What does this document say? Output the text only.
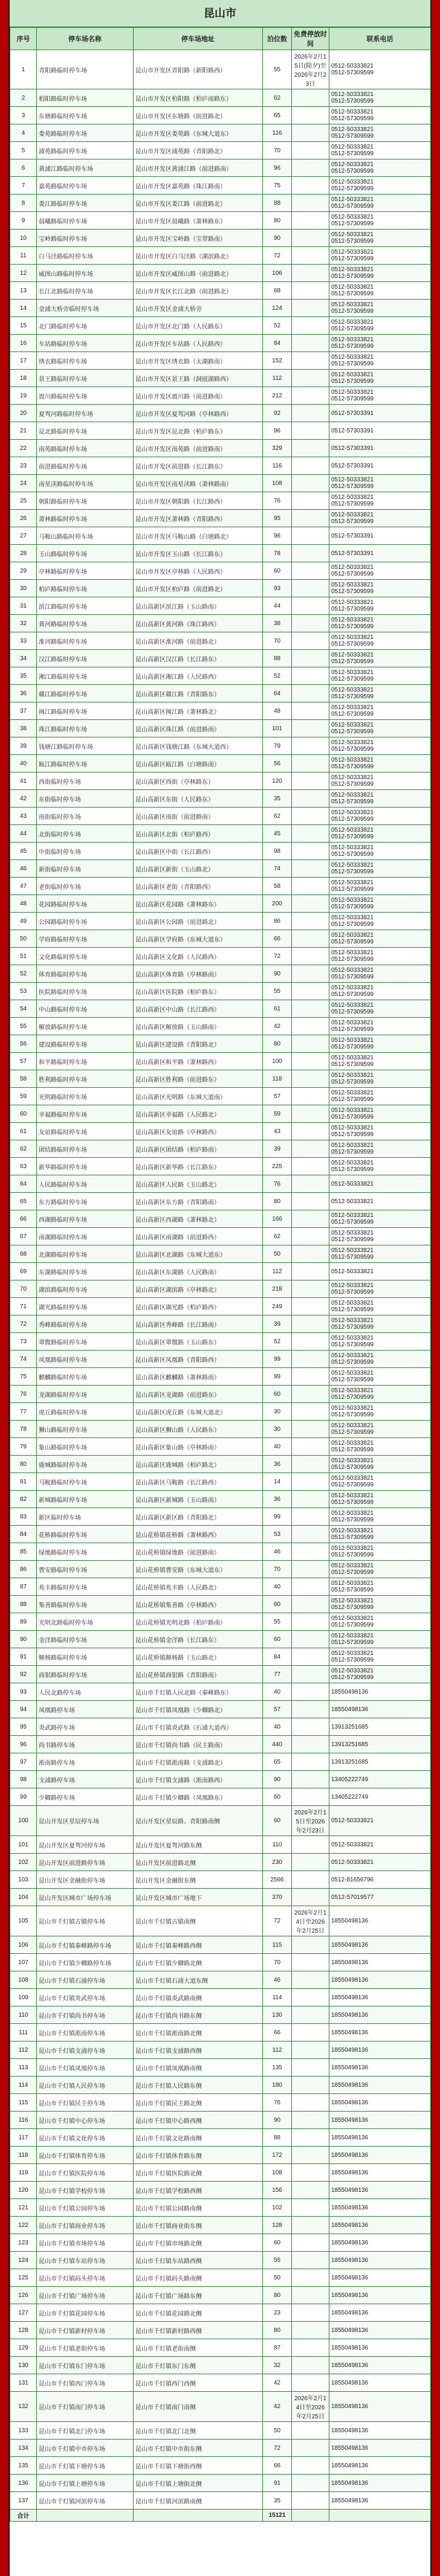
昆山市
序号	停车场名称	停车场地址	泊位数	免费停放时间	联系电话
1	青阳路临时停车场	昆山市开发区青阳路（新阳路西）	55	2026年2月15日(除夕)至2026年2月23日	0512-50333821
0512-57309599
2	柏阳路临时停车场	昆山市开发区柏阳路（柏庐南路东）	62		0512-50333821
0512-57309599
3	东塘路临时停车场	昆山市开发区东塘路（前进路北）	65		0512-50333821
0512-57309599
4	娄苑路临时停车场	昆山市开发区娄苑路（东城大道东）	116		0512-50333821
0512-57309599
5	浦苑路临时停车场	昆山市开发区浦苑路（青阳路北）	70		0512-50333821
0512-57309599
6	黄浦江路临时停车场	昆山市开发区黄浦江路（前进路南）	96		0512-50333821
0512-57309599
7	嘉苑路临时停车场	昆山市开发区嘉苑路（珠江路南）	75		0512-50333821
0512-57309599
8	娄江路临时停车场	昆山市开发区娄江路（前进路北）	88		0512-50333821
0512-57309599
9	晨曦路临时停车场	昆山市开发区晨曦路（萧林路东）	80		0512-50333821
0512-57309599
10	宝岭路临时停车场	昆山市开发区宝岭路（宝带路南）	90		0512-50333821
0512-57309599
11	白马泾路临时停车场	昆山市开发区白马泾路（湖滨路北）	72		0512-50333821
0512-57309599
12	威图山路临时停车场	昆山市开发区威图山路（前进路北）	106		0512-50333821
0512-57309599
13	长江北路临时停车场	昆山市开发区长江北路（前进路北）	68		0512-50333821
0512-57309599
14	金浦大桥旁临时停车场	昆山市开发区金浦大桥旁	124		0512-50333821
0512-57309599
15	北门路临时停车场	昆山市开发区北门路（人民路东）	52		0512-50333821
0512-57309599
16	车站路临时停车场	昆山市开发区车站路（人民路西）	84		0512-50333821
0512-57309599
17	绣衣路临时停车场	昆山市开发区绣衣路（太湖路南）	152		0512-50333821
0512-57309599
18	景王路临时停车场	昆山市开发区景王路（洞庭湖路西）	112		0512-50333821
0512-57309599
19	震川路临时停车场	昆山市开发区震川路（前进路南）	212		0512-50333821
0512-57309599
20	夏驾河路临时停车场	昆山市开发区夏驾河路（亭林路西）	92		0512-57303391
21	昆北路临时停车场	昆山市开发区昆北路（柏庐路东）	96		0512-57303391
22	南苑路临时停车场	昆山市开发区南苑路（前进路南）	329		0512-57303391
23	前进路临时停车场	昆山市开发区前进路（长江路东）	116		0512-57303391
24	南星渎路临时停车场	昆山市开发区南星渎路（萧林路南）	108		0512-50333821
0512-57309599
25	朝阳路临时停车场	昆山市开发区朝阳路（长江路西）	76		0512-50333821
0512-57309599
26	萧林路临时停车场	昆山市开发区萧林路（青阳路西）	95		0512-50333821
0512-57309599
27	马鞍山路临时停车场	昆山市开发区马鞍山路（白塘路北）	96		0512-57303391
28	玉山路临时停车场	昆山市开发区玉山路（长江路东）	78		0512-57303391
29	亭林路临时停车场	昆山市开发区亭林路（人民路西）	60		0512-50333821
0512-57309599
30	柏庐路临时停车场	昆山市开发区柏庐路（前进路北）	93		0512-50333821
0512-57309599
31	滨江路临时停车场	昆山高新区滨江路（玉山路南）	44		0512-50333821
0512-57309599
32	黄河路临时停车场	昆山高新区黄河路（珠江路西）	38		0512-50333821
0512-57309599
33	淮河路临时停车场	昆山高新区淮河路（前进路北）	70		0512-50333821
0512-57309599
34	汉江路临时停车场	昆山高新区汉江路（长江路东）	88		0512-50333821
0512-57309599
35	湘江路临时停车场	昆山高新区湘江路（人民路西）	52		0512-50333821
0512-57309599
36	赣江路临时停车场	昆山高新区赣江路（青阳路东）	64		0512-50333821
0512-57309599
37	闽江路临时停车场	昆山高新区闽江路（萧林路北）	48		0512-50333821
0512-57309599
38	珠江路临时停车场	昆山高新区珠江路（前进路南）	101		0512-50333821
0512-57309599
39	钱塘江路临时停车场	昆山高新区钱塘江路（东城大道西）	79		0512-50333821
0512-57309599
40	瓯江路临时停车场	昆山高新区瓯江路（白塘路南）	56		0512-50333821
0512-57309599
41	西街临时停车场	昆山高新区西街（亭林路东）	120		0512-50333821
0512-57309599
42	东街临时停车场	昆山高新区东街（人民路东）	35		0512-50333821
0512-57309599
43	南街临时停车场	昆山高新区南街（前进路南）	62		0512-50333821
0512-57309599
44	北街临时停车场	昆山高新区北街（柏庐路西）	45		0512-50333821
0512-57309599
45	中街临时停车场	昆山高新区中街（长江路西）	98		0512-50333821
0512-57309599
46	新街临时停车场	昆山高新区新街（玉山路北）	74		0512-50333821
0512-57309599
47	老街临时停车场	昆山高新区老街（青阳路西）	58		0512-50333821
0512-57309599
48	花园路临时停车场	昆山高新区花园路（萧林路东）	200		0512-50333821
0512-57309599
49	公园路临时停车场	昆山高新区公园路（前进路北）	86		0512-50333821
0512-57309599
50	学府路临时停车场	昆山高新区学府路（东城大道东）	66		0512-50333821
0512-57309599
51	文化路临时停车场	昆山高新区文化路（人民路西）	72		0512-50333821
0512-57309599
52	体育路临时停车场	昆山高新区体育路（亭林路南）	90		0512-50333821
0512-57309599
53	医院路临时停车场	昆山高新区医院路（柏庐路东）	55		0512-50333821
0512-57309599
54	中山路临时停车场	昆山高新区中山路（长江路西）	61		0512-50333821
0512-57309599
55	解放路临时停车场	昆山高新区解放路（玉山路南）	42		0512-50333821
0512-57309599
56	建设路临时停车场	昆山高新区建设路（青阳路北）	80		0512-50333821
0512-57309599
57	和平路临时停车场	昆山高新区和平路（萧林路西）	100		0512-50333821
0512-57309599
58	胜利路临时停车场	昆山高新区胜利路（前进路东）	118		0512-50333821
0512-57309599
59	光明路临时停车场	昆山高新区光明路（东城大道南）	57		0512-50333821
0512-57309599
60	幸福路临时停车场	昆山高新区幸福路（人民路北）	59		0512-50333821
0512-57309599
61	友谊路临时停车场	昆山高新区友谊路（亭林路西）	43		0512-50333821
0512-57309599
62	团结路临时停车场	昆山高新区团结路（柏庐路南）	39		0512-50333821
0512-57309599
63	新华路临时停车场	昆山高新区新华路（长江路东）	225		0512-50333821
0512-57309599
64	人民路临时停车场	昆山高新区人民路（玉山路北）	76		0512-50333821
65	东方路临时停车场	昆山高新区东方路（青阳路南）	80		0512-50333821
66	西湖路临时停车场	昆山高新区西湖路（萧林路北）	166		0512-50333821
0512-57309599
67	南湖路临时停车场	昆山高新区南湖路（前进路西）	62		0512-50333821
0512-57309599
68	北湖路临时停车场	昆山高新区北湖路（东城大道东）	50		0512-50333821
0512-57309599
69	东湖路临时停车场	昆山高新区东湖路（人民路南）	112		0512-50333821
70	湖滨路临时停车场	昆山高新区湖滨路（亭林路北）	218		0512-50333821
0512-57309599
71	湖光路临时停车场	昆山高新区湖光路（柏庐路西）	249		0512-50333821
0512-57309599
72	秀峰路临时停车场	昆山高新区秀峰路（长江路南）	39		0512-50333821
0512-57309599
73	翠微路临时停车场	昆山高新区翠微路（玉山路东）	52		0512-50333821
0512-57309599
74	凤凰路临时停车场	昆山高新区凤凰路（青阳路西）	99		0512-50333821
0512-57309599
75	麒麟路临时停车场	昆山高新区麒麟路（萧林路南）	99		0512-50333821
0512-57309599
76	龙湖路临时停车场	昆山高新区龙湖路（前进路东）	60		0512-50333821
0512-57309599
77	虎丘路临时停车场	昆山高新区虎丘路（东城大道北）	30		0512-50333821
0512-57309599
78	狮山路临时停车场	昆山高新区狮山路（人民路东）	30		0512-50333821
0512-57309599
79	象山路临时停车场	昆山高新区象山路（亭林路南）	40		0512-50333821
0512-57309599
80	鹿城路临时停车场	昆山高新区鹿城路（柏庐路北）	36		0512-50333821
0512-57309599
81	马鞍路临时停车场	昆山高新区马鞍路（长江路西）	14		0512-50333821
0512-57309599
82	新城路临时停车场	昆山高新区新城路（玉山路南）	36		0512-50333821
0512-57309599
83	新区临时停车场	昆山高新区新区路（青阳路北）	99		0512-50333821
0512-57309599
84	花桥路临时停车场	昆山花桥镇花桥路（萧林路西）	53		0512-50333821
0512-57309599
85	绿地路临时停车场	昆山花桥镇绿地路（前进路南）	46		0512-50333821
0512-57309599
86	曹安路临时停车场	昆山花桥镇曹安路（东城大道东）	70		0512-50333821
0512-57309599
87	兆丰路临时停车场	昆山花桥镇兆丰路（人民路北）	40		0512-50333821
0512-57309599
88	集善路临时停车场	昆山花桥镇集善路（亭林路西）	60		0512-50333821
0512-57309599
89	光明北路临时停车场	昆山花桥镇光明北路（柏庐路南）	55		0512-50333821
0512-57309599
90	金洋路临时停车场	昆山花桥镇金洋路（长江路东）	60		0512-50333821
0512-57309599
91	顺杨路临时停车场	昆山花桥镇顺杨路（玉山路北）	84		0512-50333821
0512-57309599
92	商银路临时停车场	昆山花桥镇商银路（青阳路南）	77		0512-50333821
0512-57309599
93	人民北路停车场	昆山市千灯镇人民北路（秦峰路东）	40		18550498136
94	凤凰路停车场	昆山市千灯镇凤凰路（少卿路北）	57		18550498136
95	炎武路停车场	昆山市千灯镇炎武路（石浦大道西）	40		13913251685
96	尚书路停车场	昆山市千灯镇尚书路（民主路南）	440		13913251685
97	淞南路停车场	昆山市千灯镇淞南路（支浦路北）	65		13913251685
98	支浦路停车场	昆山市千灯镇支浦路（淞南路西）	90		13405222749
99	少卿路停车场	昆山市千灯镇少卿路（凤凰路东）	60		13405222749
100	昆山开发区星辰停车场	昆山开发区星辰路、青阳路南侧	60	2026年2月15日至2026年2月23日	0512-50333821
101	昆山开发区夏驾河停车场	昆山开发区夏驾河路东侧	110		0512-50333821
102	昆山开发区前进路停车场	昆山开发区前进路北侧	230		0512-50333821
103	昆山开发区金融街停车场	昆山开发区金融街东侧	2566		0512-81656796
104	昆山开发区城市广场停车场	昆山开发区城市广场地下	370		0512-57019577
105	昆山市千灯镇古镇停车场	昆山市千灯镇古镇南侧	72	2026年2月14日至2026年2月25日	18550498136
106	昆山市千灯镇秦峰路停车场	昆山市千灯镇秦峰路西侧	115		18550498136
107	昆山市千灯镇少卿路停车场	昆山市千灯镇少卿路北侧	70		18550498136
108	昆山市千灯镇石浦停车场	昆山市千灯镇石浦大道东侧	46		18550498136
109	昆山市千灯镇炎武停车场	昆山市千灯镇炎武路南侧	114		18550498136
110	昆山市千灯镇尚书停车场	昆山市千灯镇尚书路东侧	130		18550498136
111	昆山市千灯镇淞南停车场	昆山市千灯镇淞南路北侧	66		18550498136
112	昆山市千灯镇支浦停车场	昆山市千灯镇支浦路西侧	112		18550498136
113	昆山市千灯镇凤凰停车场	昆山市千灯镇凤凰路南侧	135		18550498136
114	昆山市千灯镇人民停车场	昆山市千灯镇人民路东侧	180		18550498136
115	昆山市千灯镇民主停车场	昆山市千灯镇民主路北侧	76		18550498136
116	昆山市千灯镇中心停车场	昆山市千灯镇中心路西侧	90		18550498136
117	昆山市千灯镇文化停车场	昆山市千灯镇文化路南侧	88		18550498136
118	昆山市千灯镇体育停车场	昆山市千灯镇体育路东侧	172		18550498136
119	昆山市千灯镇医院停车场	昆山市千灯镇医院路北侧	108		18550498136
120	昆山市千灯镇学校停车场	昆山市千灯镇学校路西侧	156		18550498136
121	昆山市千灯镇公园停车场	昆山市千灯镇公园路南侧	102		18550498136
122	昆山市千灯镇商业停车场	昆山市千灯镇商业街东侧	128		18550498136
123	昆山市千灯镇市场停车场	昆山市千灯镇市场路北侧	60		18550498136
124	昆山市千灯镇车站停车场	昆山市千灯镇车站路西侧	55		18550498136
125	昆山市千灯镇码头停车场	昆山市千灯镇码头路南侧	50		18550498136
126	昆山市千灯镇广场停车场	昆山市千灯镇广场路东侧	80		18550498136
127	昆山市千灯镇花园停车场	昆山市千灯镇花园路北侧	23		18550498136
128	昆山市千灯镇新村停车场	昆山市千灯镇新村路西侧	80		18550498136
129	昆山市千灯镇老街停车场	昆山市千灯镇老街南侧	87		18550498136
130	昆山市千灯镇东门停车场	昆山市千灯镇东门东侧	32		18550498136
131	昆山市千灯镇西门停车场	昆山市千灯镇西门西侧	42		18550498136
132	昆山市千灯镇南门停车场	昆山市千灯镇南门南侧	42	2026年2月14日至2026年2月25日	18550498136
133	昆山市千灯镇北门停车场	昆山市千灯镇北门北侧	50		18550498136
134	昆山市千灯镇中市停车场	昆山市千灯镇中市街东侧	72		18550498136
135	昆山市千灯镇下塘停车场	昆山市千灯镇下塘街西侧	66		18550498136
136	昆山市千灯镇上塘停车场	昆山市千灯镇上塘街北侧	91		18550498136
137	昆山市千灯镇河滨停车场	昆山市千灯镇河滨路南侧	35		18550498136
合计			15121		
